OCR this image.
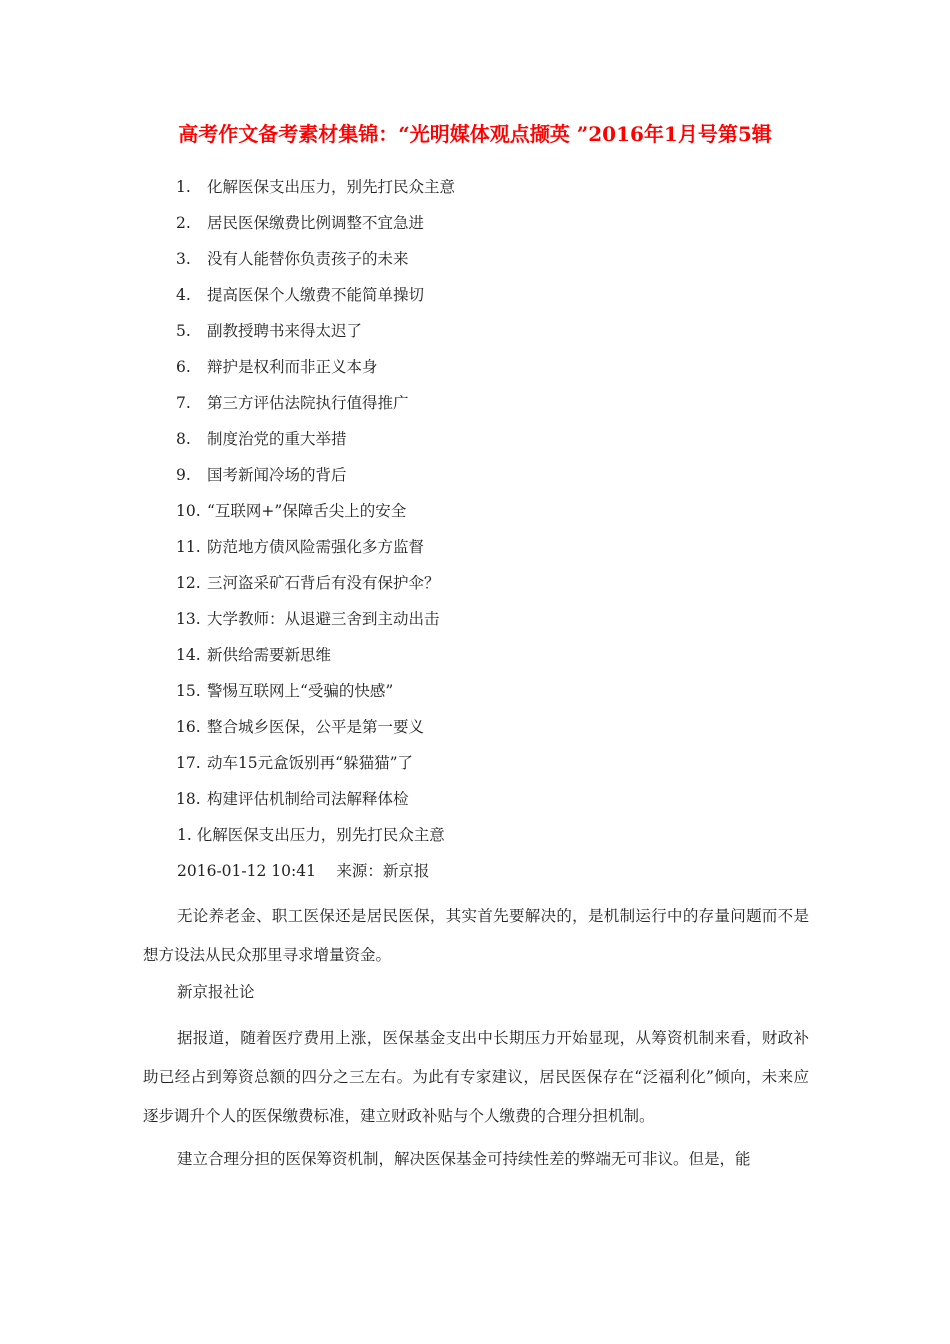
高考作文备考素材集锦：“光明媒体观点撷英 ”2016年1月号第5辑
1. 化解医保支出压力，别先打民众主意
2. 居民医保缴费比例调整不宜急进
3. 没有人能替你负责孩子的未来
4. 提高医保个人缴费不能简单操切
5. 副教授聘书来得太迟了
6. 辩护是权利而非正义本身
7. 第三方评估法院执行值得推广
8. 制度治党的重大举措
9. 国考新闻冷场的背后
10. “互联网+”保障舌尖上的安全
11. 防范地方债风险需强化多方监督
12. 三河盗采矿石背后有没有保护伞？
13. 大学教师：从退避三舍到主动出击
14. 新供给需要新思维
15. 警惕互联网上“受骗的快感”
16. 整合城乡医保，公平是第一要义
17. 动车15元盒饭别再“躲猫猫”了
18. 构建评估机制给司法解释体检
1. 化解医保支出压力，别先打民众主意
2016-01-12 10:41　 来源：新京报

无论养老金、职工医保还是居民医保，其实首先要解决的，是机制运行中的存量问题而不是想方设法从民众那里寻求增量资金。

新京报社论

据报道，随着医疗费用上涨，医保基金支出中长期压力开始显现，从筹资机制来看，财政补助已经占到筹资总额的四分之三左右。为此有专家建议，居民医保存在“泛福利化”倾向，未来应逐步调升个人的医保缴费标准，建立财政补贴与个人缴费的合理分担机制。

建立合理分担的医保筹资机制，解决医保基金可持续性差的弊端无可非议。但是，能
